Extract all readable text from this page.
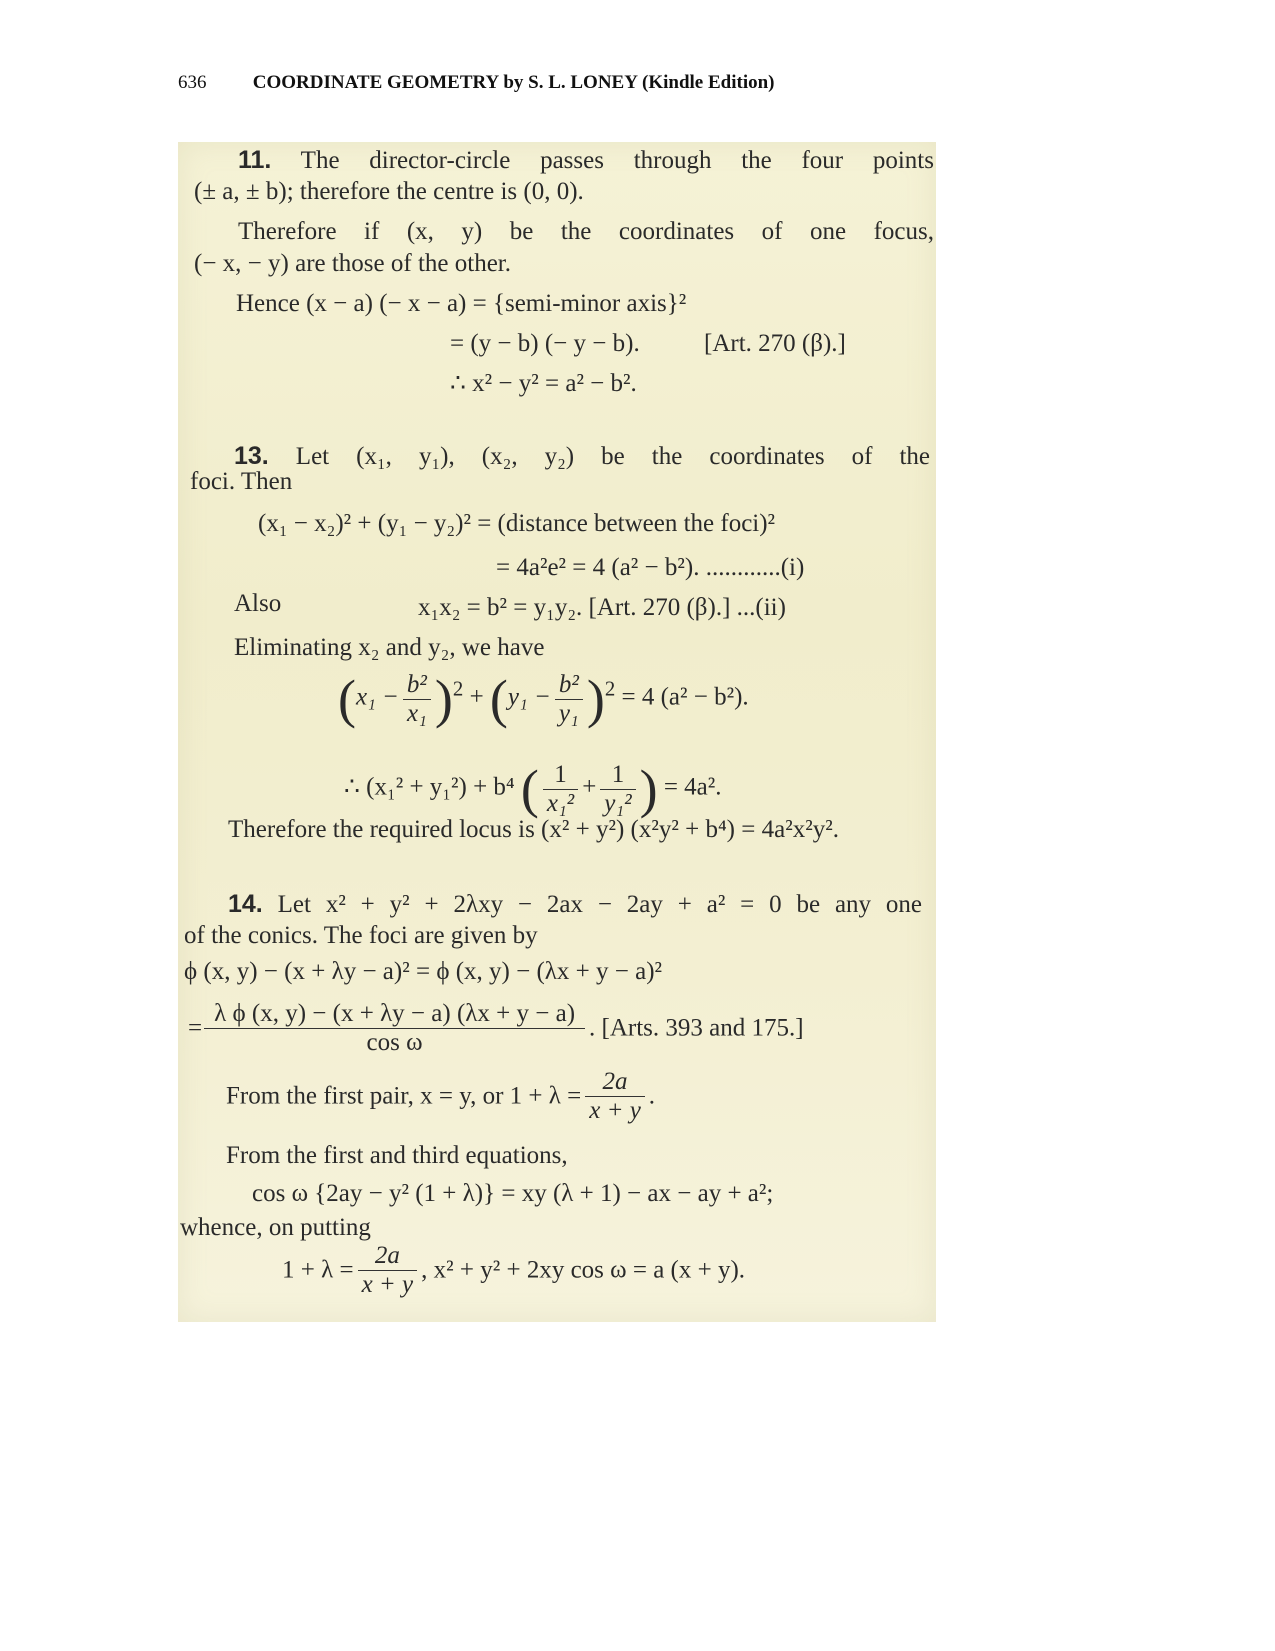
636 COORDINATE GEOMETRY by S. L. LONEY (Kindle Edition)
11. The director-circle passes through the four points
(± a, ± b); therefore the centre is (0, 0).
Therefore if (x, y) be the coordinates of one focus,
(− x, − y) are those of the other.
Hence (x − a) (− x − a) = {semi-minor axis}²
= (y − b) (− y − b).	[Art. 270 (β).]
∴ x² − y² = a² − b².
13. Let (x₁, y₁), (x₂, y₂) be the coordinates of the
foci. Then
(x₁ − x₂)² + (y₁ − y₂)² = (distance between the foci)²
= 4a²e² = 4 (a² − b²). ............(i)
Also	x₁x₂ = b² = y₁y₂. [Art. 270 (β).] ...(ii)
Eliminating x₂ and y₂, we have
$(x_1 - \frac{\text{b²}}{\text{x₁}} )^2 + (y_1 - \frac{\text{b²}}{\text{y₁}} )^2 = 4$ (a² − b²).
∴ (x₁² + y₁²) + b⁴ ( $\frac{1}{\text{x₁²}} + \frac{1}{\text{y₁²}}$ ) = 4a².
Therefore the required locus is (x² + y²) (x²y² + b⁴) = 4a²x²y².
14. Let x² + y² + 2λxy − 2ax − 2ay + a² = 0 be any one
of the conics. The foci are given by
ϕ (x, y) − (x + λy − a)² = ϕ (x, y) − (λx + y − a)²
= $\frac{\text{λ ϕ (x, y) − (x + λy − a) (λx + y − a)}}{\text{cos ω}}$ . [Arts. 393 and 175.]
From the first pair, x = y, or $1 + \lambda = \frac{2a}{x + y}$ .
From the first and third equations,
cos ω {2ay − y² (1 + λ)} = xy (λ + 1) − ax − ay + a²;
whence, on putting
$1 + \lambda = \frac{2a}{x + y}$ , x² + y² + 2xy cos ω = a (x + y).
